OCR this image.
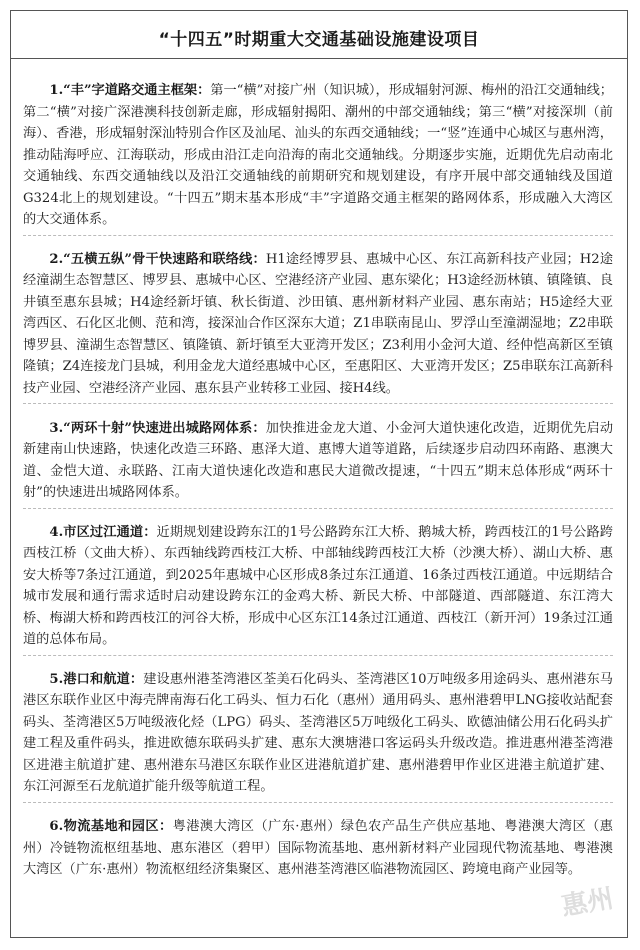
“十四五”时期重大交通基础设施建设项目

1.“丰”字道路交通主框架：第一“横”对接广州（知识城），形成辐射河源、梅州的沿江交通轴线；第二“横”对接广深港澳科技创新走廊，形成辐射揭阳、潮州的中部交通轴线；第三“横”对接深圳（前海）、香港，形成辐射深汕特别合作区及汕尾、汕头的东西交通轴线；一“竖”连通中心城区与惠州湾，推动陆海呼应、江海联动，形成由沿江走向沿海的南北交通轴线。分期逐步实施，近期优先启动南北交通轴线、东西交通轴线以及沿江交通轴线的前期研究和规划建设，有序开展中部交通轴线及国道G324北上的规划建设。“十四五”期末基本形成“丰”字道路交通主框架的路网体系，形成融入大湾区的大交通体系。

2.“五横五纵”骨干快速路和联络线：H1途经博罗县、惠城中心区、东江高新科技产业园；H2途经潼湖生态智慧区、博罗县、惠城中心区、空港经济产业园、惠东梁化；H3途经沥林镇、镇隆镇、良井镇至惠东县城；H4途经新圩镇、秋长街道、沙田镇、惠州新材料产业园、惠东南站；H5途经大亚湾西区、石化区北侧、范和湾，接深汕合作区深东大道；Z1串联南昆山、罗浮山至潼湖湿地；Z2串联博罗县、潼湖生态智慧区、镇隆镇、新圩镇至大亚湾开发区；Z3利用小金河大道、经仲恺高新区至镇隆镇；Z4连接龙门县城，利用金龙大道经惠城中心区，至惠阳区、大亚湾开发区；Z5串联东江高新科技产业园、空港经济产业园、惠东县产业转移工业园、接H4线。

3.“两环十射”快速进出城路网体系：加快推进金龙大道、小金河大道快速化改造，近期优先启动新建南山快速路，快速化改造三环路、惠泽大道、惠博大道等道路，后续逐步启动四环南路、惠澳大道、金恺大道、永联路、江南大道快速化改造和惠民大道微改提速，“十四五”期末总体形成“两环十射”的快速进出城路网体系。

4.市区过江通道：近期规划建设跨东江的1号公路跨东江大桥、鹅城大桥，跨西枝江的1号公路跨西枝江桥（文曲大桥）、东西轴线跨西枝江大桥、中部轴线跨西枝江大桥（沙澳大桥）、湖山大桥、惠安大桥等7条过江通道，到2025年惠城中心区形成8条过东江通道、16条过西枝江通道。中远期结合城市发展和通行需求适时启动建设跨东江的金鸡大桥、新民大桥、中部隧道、西部隧道、东江湾大桥、梅湖大桥和跨西枝江的河谷大桥，形成中心区东江14条过江通道、西枝江（新开河）19条过江通道的总体布局。

5.港口和航道：建设惠州港荃湾港区荃美石化码头、荃湾港区10万吨级多用途码头、惠州港东马港区东联作业区中海壳牌南海石化工码头、恒力石化（惠州）通用码头、惠州港碧甲LNG接收站配套码头、荃湾港区5万吨级液化烃（LPG）码头、荃湾港区5万吨级化工码头、欧德油储公用石化码头扩建工程及重件码头，推进欧德东联码头扩建、惠东大澳塘港口客运码头升级改造。推进惠州港荃湾港区进港主航道扩建、惠州港东马港区东联作业区进港航道扩建、惠州港碧甲作业区进港主航道扩建、东江河源至石龙航道扩能升级等航道工程。

6.物流基地和园区：粤港澳大湾区（广东·惠州）绿色农产品生产供应基地、粤港澳大湾区（惠州）冷链物流枢纽基地、惠东港区（碧甲）国际物流基地、惠州新材料产业园现代物流基地、粤港澳大湾区（广东·惠州）物流枢纽经济集聚区、惠州港荃湾港区临港物流园区、跨境电商产业园等。

惠州
